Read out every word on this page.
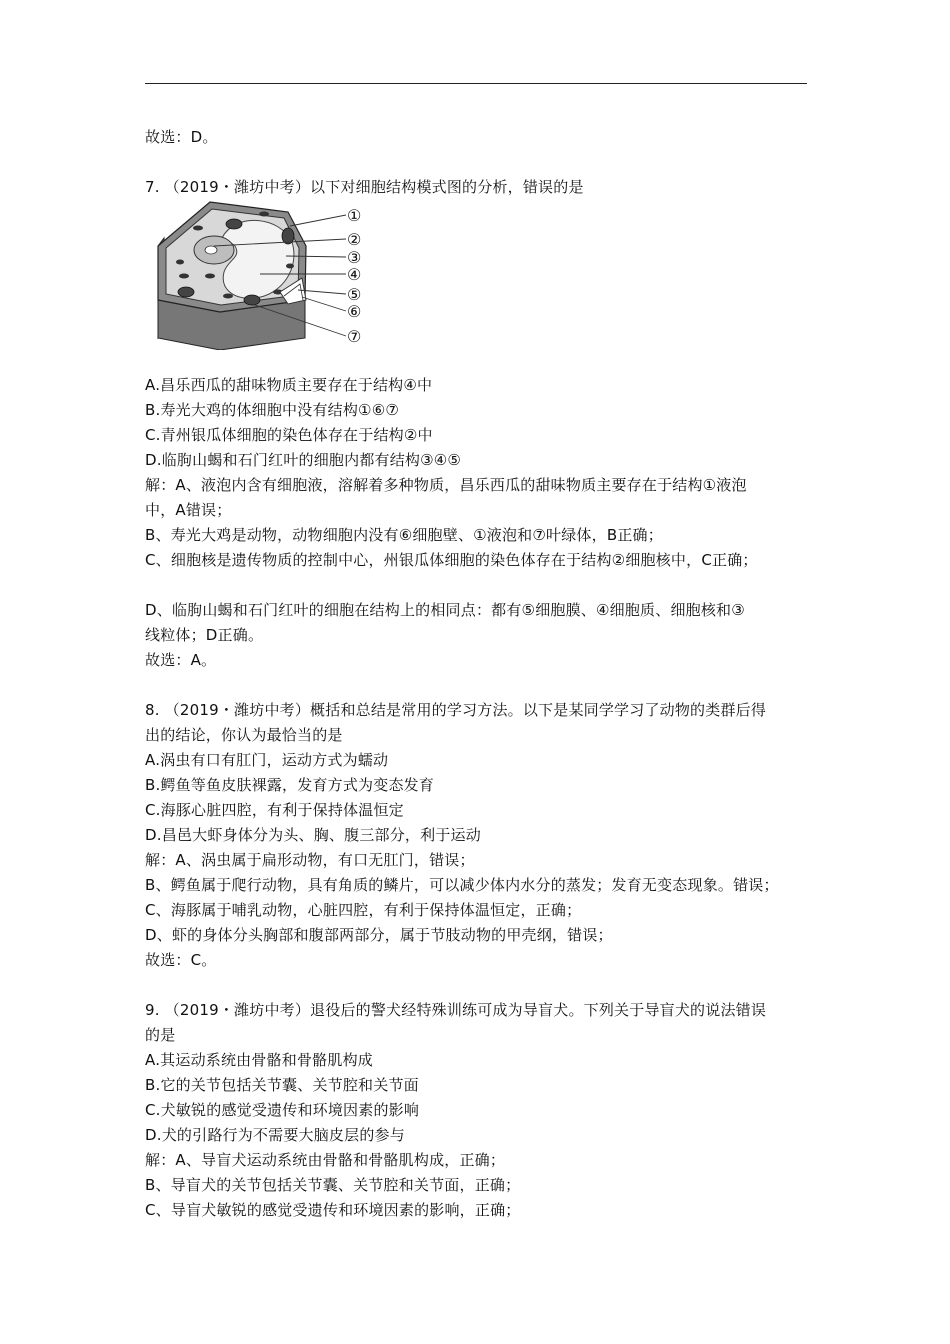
故选：D。
7. （2019・潍坊中考）以下对细胞结构模式图的分析，错误的是
①
②
③
④
⑤
⑥
⑦
A.昌乐西瓜的甜味物质主要存在于结构④中
B.寿光大鸡的体细胞中没有结构①⑥⑦
C.青州银瓜体细胞的染色体存在于结构②中
D.临朐山蝎和石门红叶的细胞内都有结构③④⑤
解：A、液泡内含有细胞液，溶解着多种物质，昌乐西瓜的甜味物质主要存在于结构①液泡
中，A错误；
B、寿光大鸡是动物，动物细胞内没有⑥细胞壁、①液泡和⑦叶绿体，B正确；
C、细胞核是遗传物质的控制中心，州银瓜体细胞的染色体存在于结构②细胞核中，C正确；
D、临朐山蝎和石门红叶的细胞在结构上的相同点：都有⑤细胞膜、④细胞质、细胞核和③
线粒体；D正确。
故选：A。
8. （2019・潍坊中考）概括和总结是常用的学习方法。以下是某同学学习了动物的类群后得
出的结论，你认为最恰当的是
A.涡虫有口有肛门，运动方式为蠕动
B.鳄鱼等鱼皮肤裸露，发育方式为变态发育
C.海豚心脏四腔，有利于保持体温恒定
D.昌邑大虾身体分为头、胸、腹三部分，利于运动
解：A、涡虫属于扁形动物，有口无肛门，错误；
B、鳄鱼属于爬行动物，具有角质的鳞片，可以减少体内水分的蒸发；发育无变态现象。错误；
C、海豚属于哺乳动物，心脏四腔，有利于保持体温恒定，正确；
D、虾的身体分头胸部和腹部两部分，属于节肢动物的甲壳纲，错误；
故选：C。
9. （2019・潍坊中考）退役后的警犬经特殊训练可成为导盲犬。下列关于导盲犬的说法错误
的是
A.其运动系统由骨骼和骨骼肌构成
B.它的关节包括关节囊、关节腔和关节面
C.犬敏锐的感觉受遗传和环境因素的影响
D.犬的引路行为不需要大脑皮层的参与
解：A、导盲犬运动系统由骨骼和骨骼肌构成，正确；
B、导盲犬的关节包括关节囊、关节腔和关节面，正确；
C、导盲犬敏锐的感觉受遗传和环境因素的影响，正确；
